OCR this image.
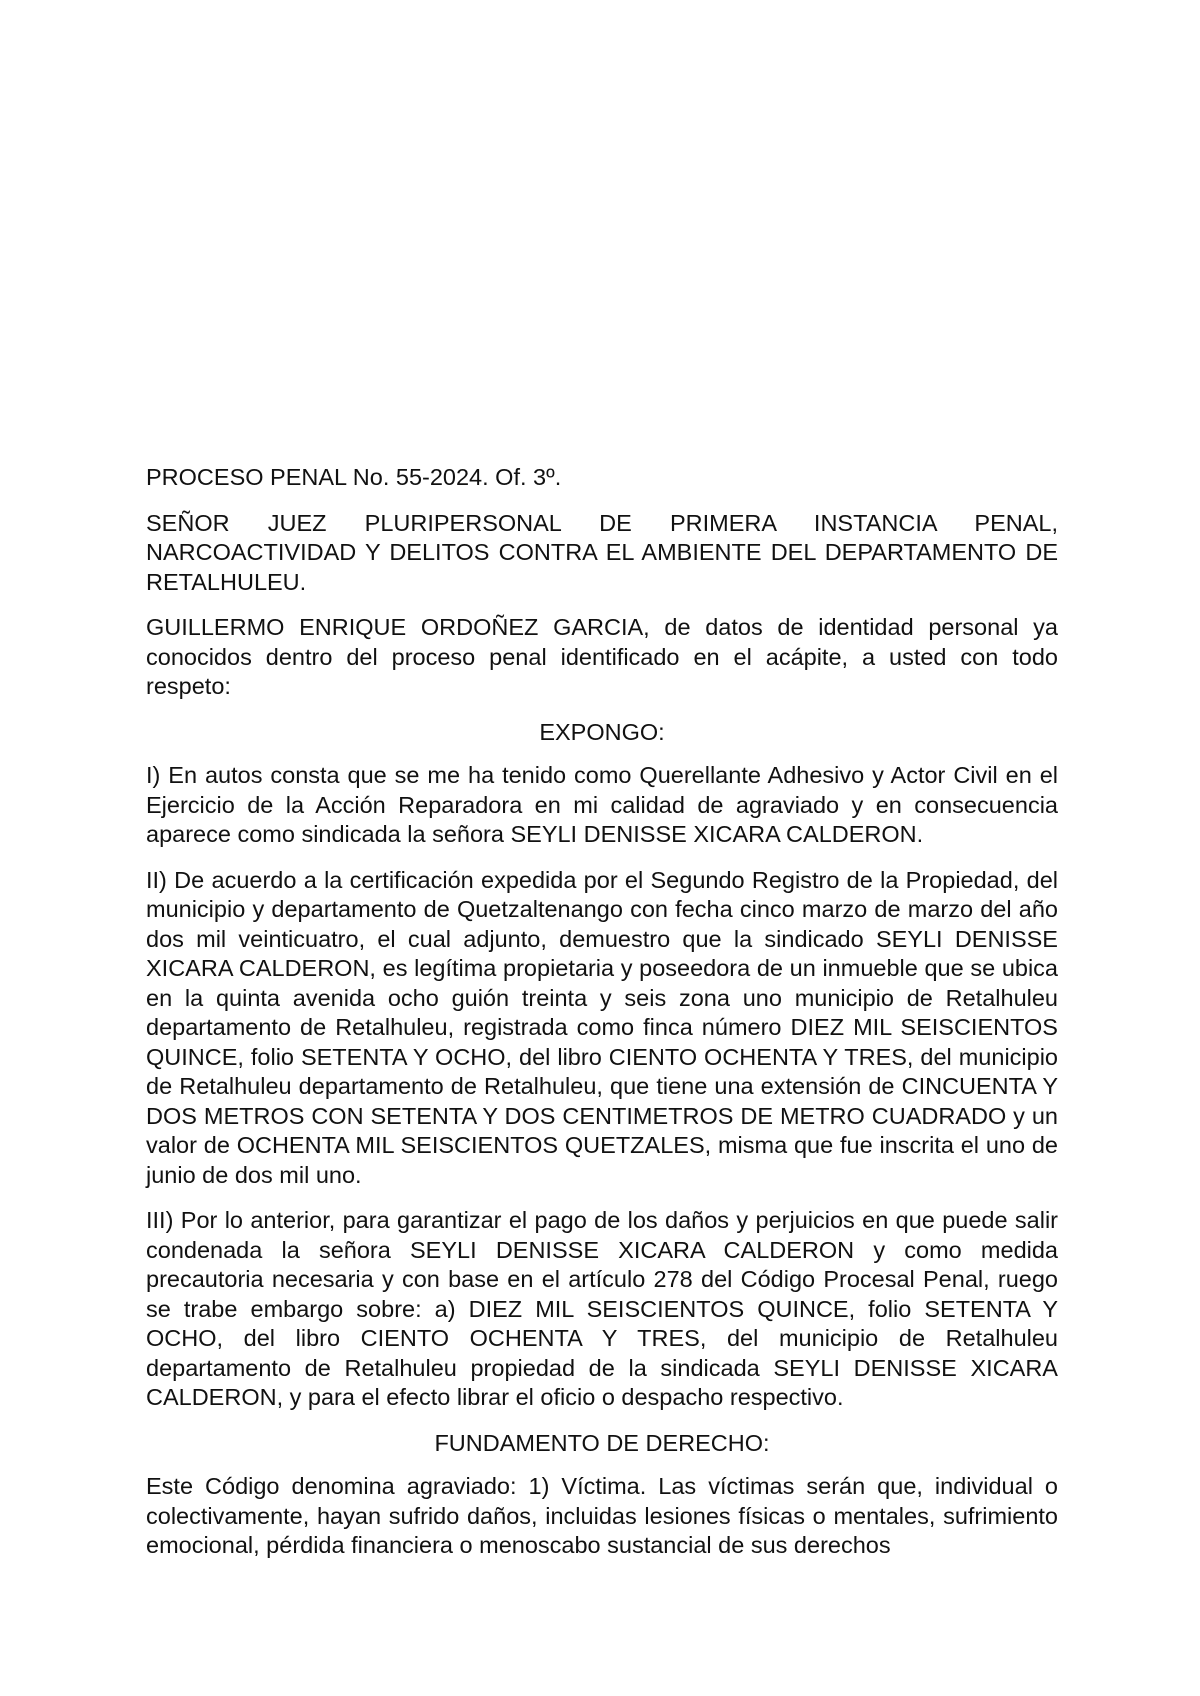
PROCESO PENAL No. 55-2024. Of. 3º.

SEÑOR JUEZ PLURIPERSONAL DE PRIMERA INSTANCIA PENAL, NARCOACTIVIDAD Y DELITOS CONTRA EL AMBIENTE DEL DEPARTAMENTO DE RETALHULEU.

GUILLERMO ENRIQUE ORDOÑEZ GARCIA, de datos de identidad personal ya conocidos dentro del proceso penal identificado en el acápite, a usted con todo respeto:

EXPONGO:

I) En autos consta que se me ha tenido como Querellante Adhesivo y Actor Civil en el Ejercicio de la Acción Reparadora en mi calidad de agraviado y en consecuencia aparece como sindicada la señora SEYLI DENISSE XICARA CALDERON.

II) De acuerdo a la certificación expedida por el Segundo Registro de la Propiedad, del municipio y departamento de Quetzaltenango con fecha cinco marzo de marzo del año dos mil veinticuatro, el cual adjunto, demuestro que la sindicado SEYLI DENISSE XICARA CALDERON, es legítima propietaria y poseedora de un inmueble que se ubica en la quinta avenida ocho guión treinta y seis zona uno municipio de Retalhuleu departamento de Retalhuleu, registrada como finca número DIEZ MIL SEISCIENTOS QUINCE, folio SETENTA Y OCHO, del libro CIENTO OCHENTA Y TRES, del municipio de Retalhuleu departamento de Retalhuleu, que tiene una extensión de CINCUENTA Y DOS METROS CON SETENTA Y DOS CENTIMETROS DE METRO CUADRADO y un valor de OCHENTA MIL SEISCIENTOS QUETZALES, misma que fue inscrita el uno de junio de dos mil uno.

III) Por lo anterior, para garantizar el pago de los daños y perjuicios en que puede salir condenada la señora SEYLI DENISSE XICARA CALDERON y como medida precautoria necesaria y con base en el artículo 278 del Código Procesal Penal, ruego se trabe embargo sobre: a) DIEZ MIL SEISCIENTOS QUINCE, folio SETENTA Y OCHO, del libro CIENTO OCHENTA Y TRES, del municipio de Retalhuleu departamento de Retalhuleu propiedad de la sindicada SEYLI DENISSE XICARA CALDERON, y para el efecto librar el oficio o despacho respectivo.

FUNDAMENTO DE DERECHO:

Este Código denomina agraviado: 1) Víctima. Las víctimas serán que, individual o colectivamente, hayan sufrido daños, incluidas lesiones físicas o mentales, sufrimiento emocional, pérdida financiera o menoscabo sustancial de sus derechos
